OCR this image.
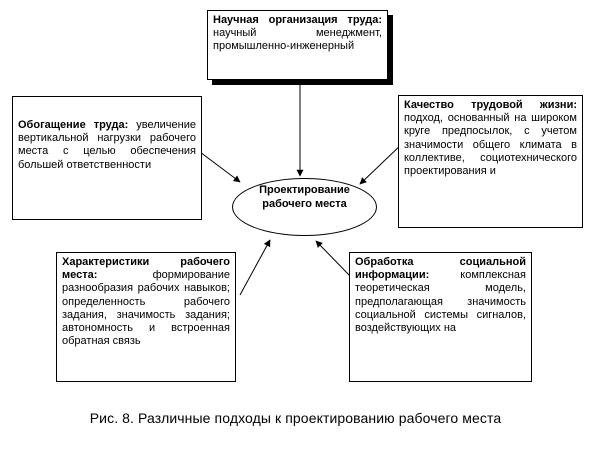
Научная организация труда: научный менеджмент, промышленно-инженерный
Обогащение труда: увеличение вертикальной нагрузки рабочего места с целью обеспечения большей ответственности
Качество трудовой жизни: подход, основанный на широком круге предпосылок, с учетом значимости общего климата в коллективе, социотехнического проектирования и
Характеристики рабочего места: формирование разнообразия рабочих навыков; определенность рабочего задания, значимость задания; автономность и встроенная обратная связь
Обработка социальной информации: комплексная теоретическая модель, предполагающая значимость социальной системы сигналов, воздействующих на
Проектирование рабочего места
Рис. 8. Различные подходы к проектированию рабочего места
